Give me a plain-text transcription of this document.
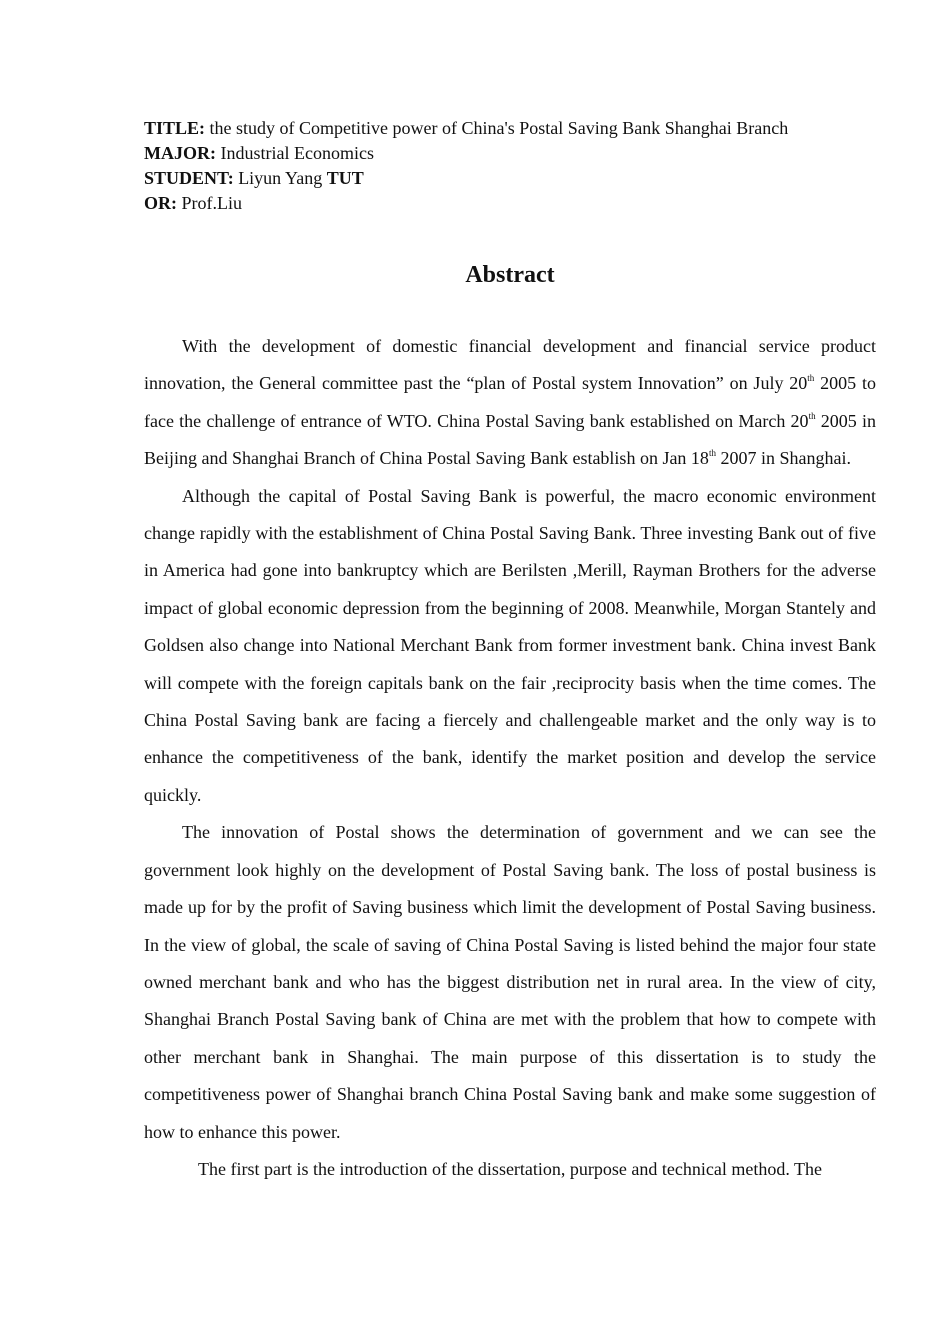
TITLE: the study of Competitive power of China's Postal Saving Bank Shanghai Branch
MAJOR: Industrial Economics
STUDENT: Liyun Yang TUT
OR: Prof.Liu
Abstract

With the development of domestic financial development and financial service product innovation, the General committee past the “plan of Postal system Innovation” on July 20th 2005 to face the challenge of entrance of WTO. China Postal Saving bank established on March 20th 2005 in Beijing and Shanghai Branch of China Postal Saving Bank establish on Jan 18th 2007 in Shanghai.

Although the capital of Postal Saving Bank is powerful, the macro economic environment change rapidly with the establishment of China Postal Saving Bank. Three investing Bank out of five in America had gone into bankruptcy which are Berilsten ,Merill, Rayman Brothers for the adverse impact of global economic depression from the beginning of 2008. Meanwhile, Morgan Stantely and Goldsen also change into National Merchant Bank from former investment bank. China invest Bank will compete with the foreign capitals bank on the fair ,reciprocity basis when the time comes. The China Postal Saving bank are facing a fiercely and challengeable market and the only way is to enhance the competitiveness of the bank, identify the market position and develop the service quickly.

The innovation of Postal shows the determination of government and we can see the government look highly on the development of Postal Saving bank. The loss of postal business is made up for by the profit of Saving business which limit the development of Postal Saving business. In the view of global, the scale of saving of China Postal Saving is listed behind the major four state owned merchant bank and who has the biggest distribution net in rural area. In the view of city, Shanghai Branch Postal Saving bank of China are met with the problem that how to compete with other merchant bank in Shanghai. The main purpose of this dissertation is to study the competitiveness power of Shanghai branch China Postal Saving bank and make some suggestion of how to enhance this power.

The first part is the introduction of the dissertation, purpose and technical method. The
